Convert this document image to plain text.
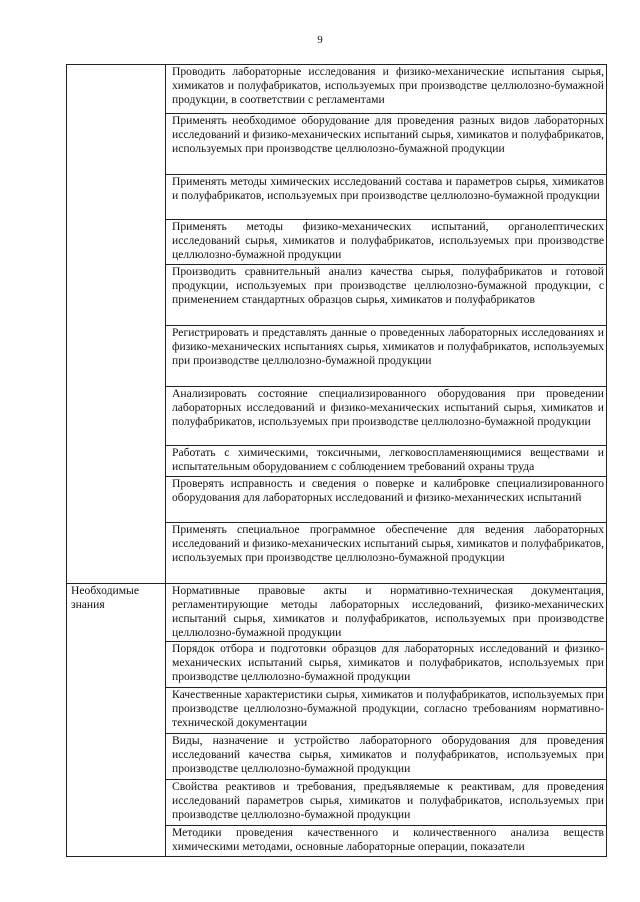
9
	Проводить лабораторные исследования и физико-механические испытания сырья, химикатов и полуфабрикатов, используемых при производстве целлюлозно-бумажной продукции, в соответствии с регламентами
	Применять необходимое оборудование для проведения разных видов лабораторных исследований и физико-механических испытаний сырья, химикатов и полуфабрикатов, используемых при производстве целлюлозно-бумажной продукции
	Применять методы химических исследований состава и параметров сырья, химикатов и полуфабрикатов, используемых при производстве целлюлозно-бумажной продукции
	Применять методы физико-механических испытаний, органолептических исследований сырья, химикатов и полуфабрикатов, используемых при производстве целлюлозно-бумажной продукции
	Производить сравнительный анализ качества сырья, полуфабрикатов и готовой продукции, используемых при производстве целлюлозно-бумажной продукции, с применением стандартных образцов сырья, химикатов и полуфабрикатов
	Регистрировать и представлять данные о проведенных лабораторных исследованиях и физико-механических испытаниях сырья, химикатов и полуфабрикатов, используемых при производстве целлюлозно-бумажной продукции
	Анализировать состояние специализированного оборудования при проведении лабораторных исследований и физико-механических испытаний сырья, химикатов и полуфабрикатов, используемых при производстве целлюлозно-бумажной продукции
	Работать с химическими, токсичными, легковоспламеняющимися веществами и испытательным оборудованием с соблюдением требований охраны труда
	Проверять исправность и сведения о поверке и калибровке специализированного оборудования для лабораторных исследований и физико-механических испытаний
	Применять специальное программное обеспечение для ведения лабораторных исследований и физико-механических испытаний сырья, химикатов и полуфабрикатов, используемых при производстве целлюлозно-бумажной продукции
Необходимые знания	Нормативные правовые акты и нормативно-техническая документация, регламентирующие методы лабораторных исследований, физико-механических испытаний сырья, химикатов и полуфабрикатов, используемых при производстве целлюлозно-бумажной продукции
	Порядок отбора и подготовки образцов для лабораторных исследований и физико-механических испытаний сырья, химикатов и полуфабрикатов, используемых при производстве целлюлозно-бумажной продукции
	Качественные характеристики сырья, химикатов и полуфабрикатов, используемых при производстве целлюлозно-бумажной продукции, согласно требованиям нормативно-технической документации
	Виды, назначение и устройство лабораторного оборудования для проведения исследований качества сырья, химикатов и полуфабрикатов, используемых при производстве целлюлозно-бумажной продукции
	Свойства реактивов и требования, предъявляемые к реактивам, для проведения исследований параметров сырья, химикатов и полуфабрикатов, используемых при производстве целлюлозно-бумажной продукции
	Методики проведения качественного и количественного анализа веществ химическими методами, основные лабораторные операции, показатели
